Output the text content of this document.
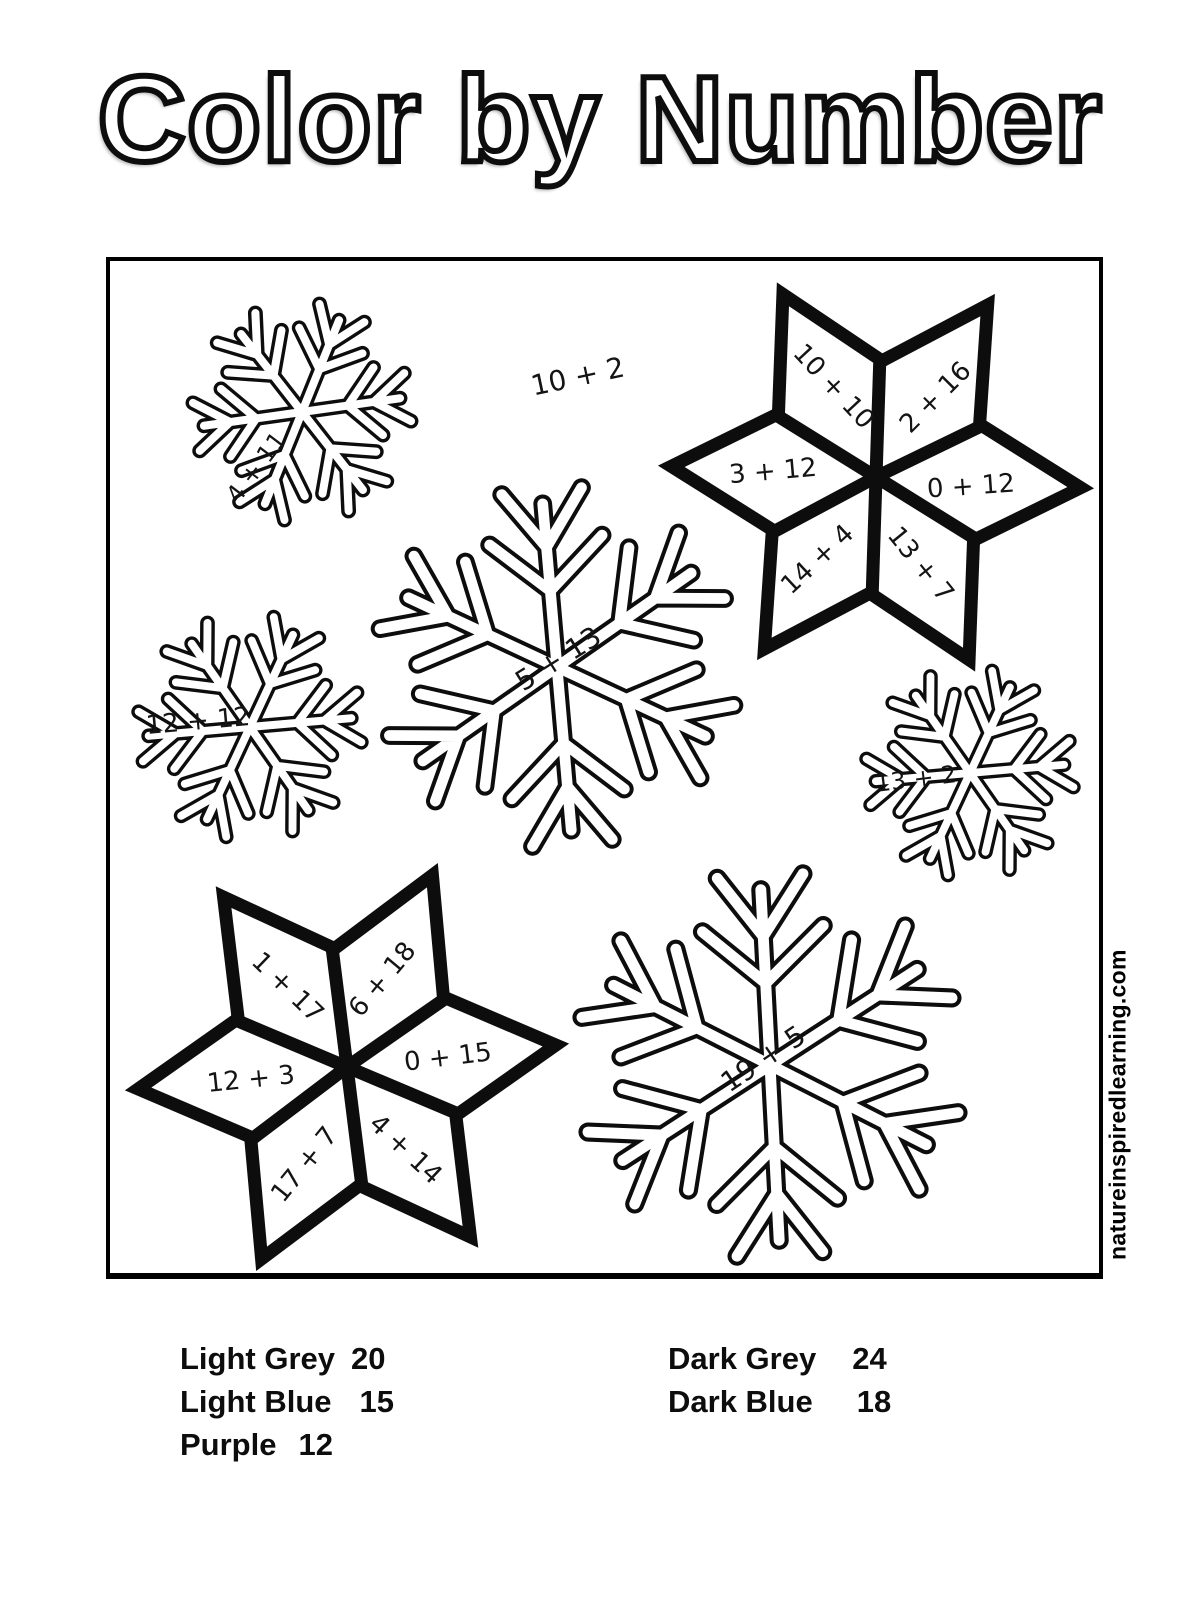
Color by Number
10 + 2
4 + 11
12 + 12
5 + 13
13 + 2
19 + 5
10 + 10 2 + 16
3 + 12	0 + 12
14 + 4 13 + 7
1 + 17 6 + 18
12 + 3
0 + 15
17 + 7 4 + 14
Light Grey 20
Light Blue 15
Purple 12
Dark Grey 24
Dark Blue 18
natureinspiredlearning.com
